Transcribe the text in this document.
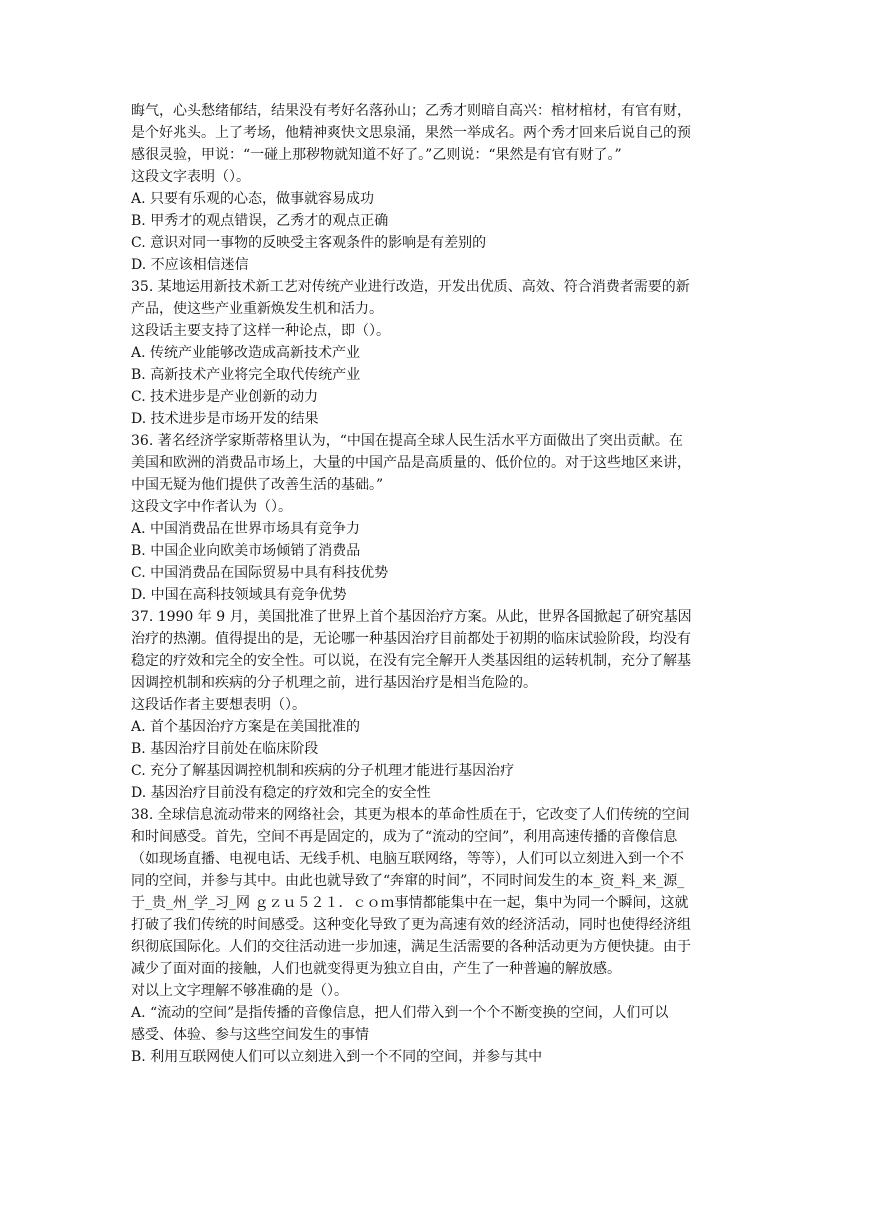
晦气，心头愁绪郁结，结果没有考好名落孙山；乙秀才则暗自高兴：棺材棺材，有官有财，
是个好兆头。上了考场，他精神爽快文思泉涌，果然一举成名。两个秀才回来后说自己的预
感很灵验，甲说：“一碰上那秽物就知道不好了。”乙则说：“果然是有官有财了。”
这段文字表明（）。
A. 只要有乐观的心态，做事就容易成功
B. 甲秀才的观点错误，乙秀才的观点正确
C. 意识对同一事物的反映受主客观条件的影响是有差别的
D. 不应该相信迷信
35. 某地运用新技术新工艺对传统产业进行改造，开发出优质、高效、符合消费者需要的新
产品，使这些产业重新焕发生机和活力。
这段话主要支持了这样一种论点，即（）。
A. 传统产业能够改造成高新技术产业
B. 高新技术产业将完全取代传统产业
C. 技术进步是产业创新的动力
D. 技术进步是市场开发的结果
36. 著名经济学家斯蒂格里认为，“中国在提高全球人民生活水平方面做出了突出贡献。在
美国和欧洲的消费品市场上，大量的中国产品是高质量的、低价位的。对于这些地区来讲，
中国无疑为他们提供了改善生活的基础。”
这段文字中作者认为（）。
A. 中国消费品在世界市场具有竞争力
B. 中国企业向欧美市场倾销了消费品
C. 中国消费品在国际贸易中具有科技优势
D. 中国在高科技领域具有竞争优势
37. 1990 年 9 月，美国批准了世界上首个基因治疗方案。从此，世界各国掀起了研究基因
治疗的热潮。值得提出的是，无论哪一种基因治疗目前都处于初期的临床试验阶段，均没有
稳定的疗效和完全的安全性。可以说，在没有完全解开人类基因组的运转机制，充分了解基
因调控机制和疾病的分子机理之前，进行基因治疗是相当危险的。
这段话作者主要想表明（）。
A. 首个基因治疗方案是在美国批准的
B. 基因治疗目前处在临床阶段
C. 充分了解基因调控机制和疾病的分子机理才能进行基因治疗
D. 基因治疗目前没有稳定的疗效和完全的安全性
38. 全球信息流动带来的网络社会，其更为根本的革命性质在于，它改变了人们传统的空间
和时间感受。首先，空间不再是固定的，成为了“流动的空间”，利用高速传播的音像信息
（如现场直播、电视电话、无线手机、电脑互联网络，等等），人们可以立刻进入到一个不
同的空间，并参与其中。由此也就导致了“奔窜的时间”，不同时间发生的本_资_料_来_源_
于_贵_州_学_习_网 ｇｚｕ５２１．ｃｏｍ事情都能集中在一起，集中为同一个瞬间，这就
打破了我们传统的时间感受。这种变化导致了更为高速有效的经济活动，同时也使得经济组
织彻底国际化。人们的交往活动进一步加速，满足生活需要的各种活动更为方便快捷。由于
减少了面对面的接触，人们也就变得更为独立自由，产生了一种普遍的解放感。
对以上文字理解不够准确的是（）。
A. “流动的空间”是指传播的音像信息，把人们带入到一个个不断变换的空间，人们可以
感受、体验、参与这些空间发生的事情
B. 利用互联网使人们可以立刻进入到一个不同的空间，并参与其中
